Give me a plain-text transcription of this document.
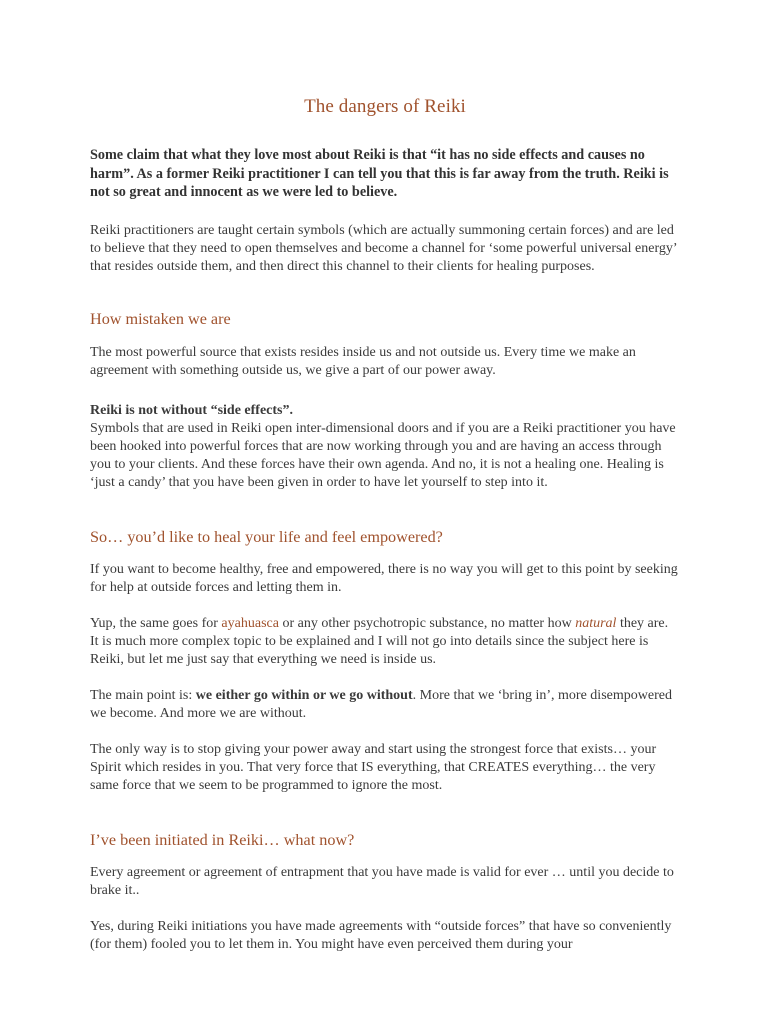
The dangers of Reiki

Some claim that what they love most about Reiki is that “it has no side effects and causes no harm”. As a former Reiki practitioner I can tell you that this is far away from the truth. Reiki is not so great and innocent as we were led to believe.

Reiki practitioners are taught certain symbols (which are actually summoning certain forces) and are led to believe that they need to open themselves and become a channel for ‘some powerful universal energy’ that resides outside them, and then direct this channel to their clients for healing purposes.

How mistaken we are

The most powerful source that exists resides inside us and not outside us. Every time we make an agreement with something outside us, we give a part of our power away.

Reiki is not without “side effects”.
Symbols that are used in Reiki open inter-dimensional doors and if you are a Reiki practitioner you have been hooked into powerful forces that are now working through you and are having an access through you to your clients. And these forces have their own agenda. And no, it is not a healing one. Healing is ‘just a candy’ that you have been given in order to have let yourself to step into it.

So… you’d like to heal your life and feel empowered?

If you want to become healthy, free and empowered, there is no way you will get to this point by seeking for help at outside forces and letting them in.

Yup, the same goes for ayahuasca or any other psychotropic substance, no matter how natural they are. It is much more complex topic to be explained and I will not go into details since the subject here is Reiki, but let me just say that everything we need is inside us.

The main point is: we either go within or we go without. More that we ‘bring in’, more disempowered we become. And more we are without.

The only way is to stop giving your power away and start using the strongest force that exists… your Spirit which resides in you. That very force that IS everything, that CREATES everything… the very same force that we seem to be programmed to ignore the most.

I’ve been initiated in Reiki… what now?

Every agreement or agreement of entrapment that you have made is valid for ever … until you decide to brake it..

Yes, during Reiki initiations you have made agreements with “outside forces” that have so conveniently (for them) fooled you to let them in. You might have even perceived them during your
